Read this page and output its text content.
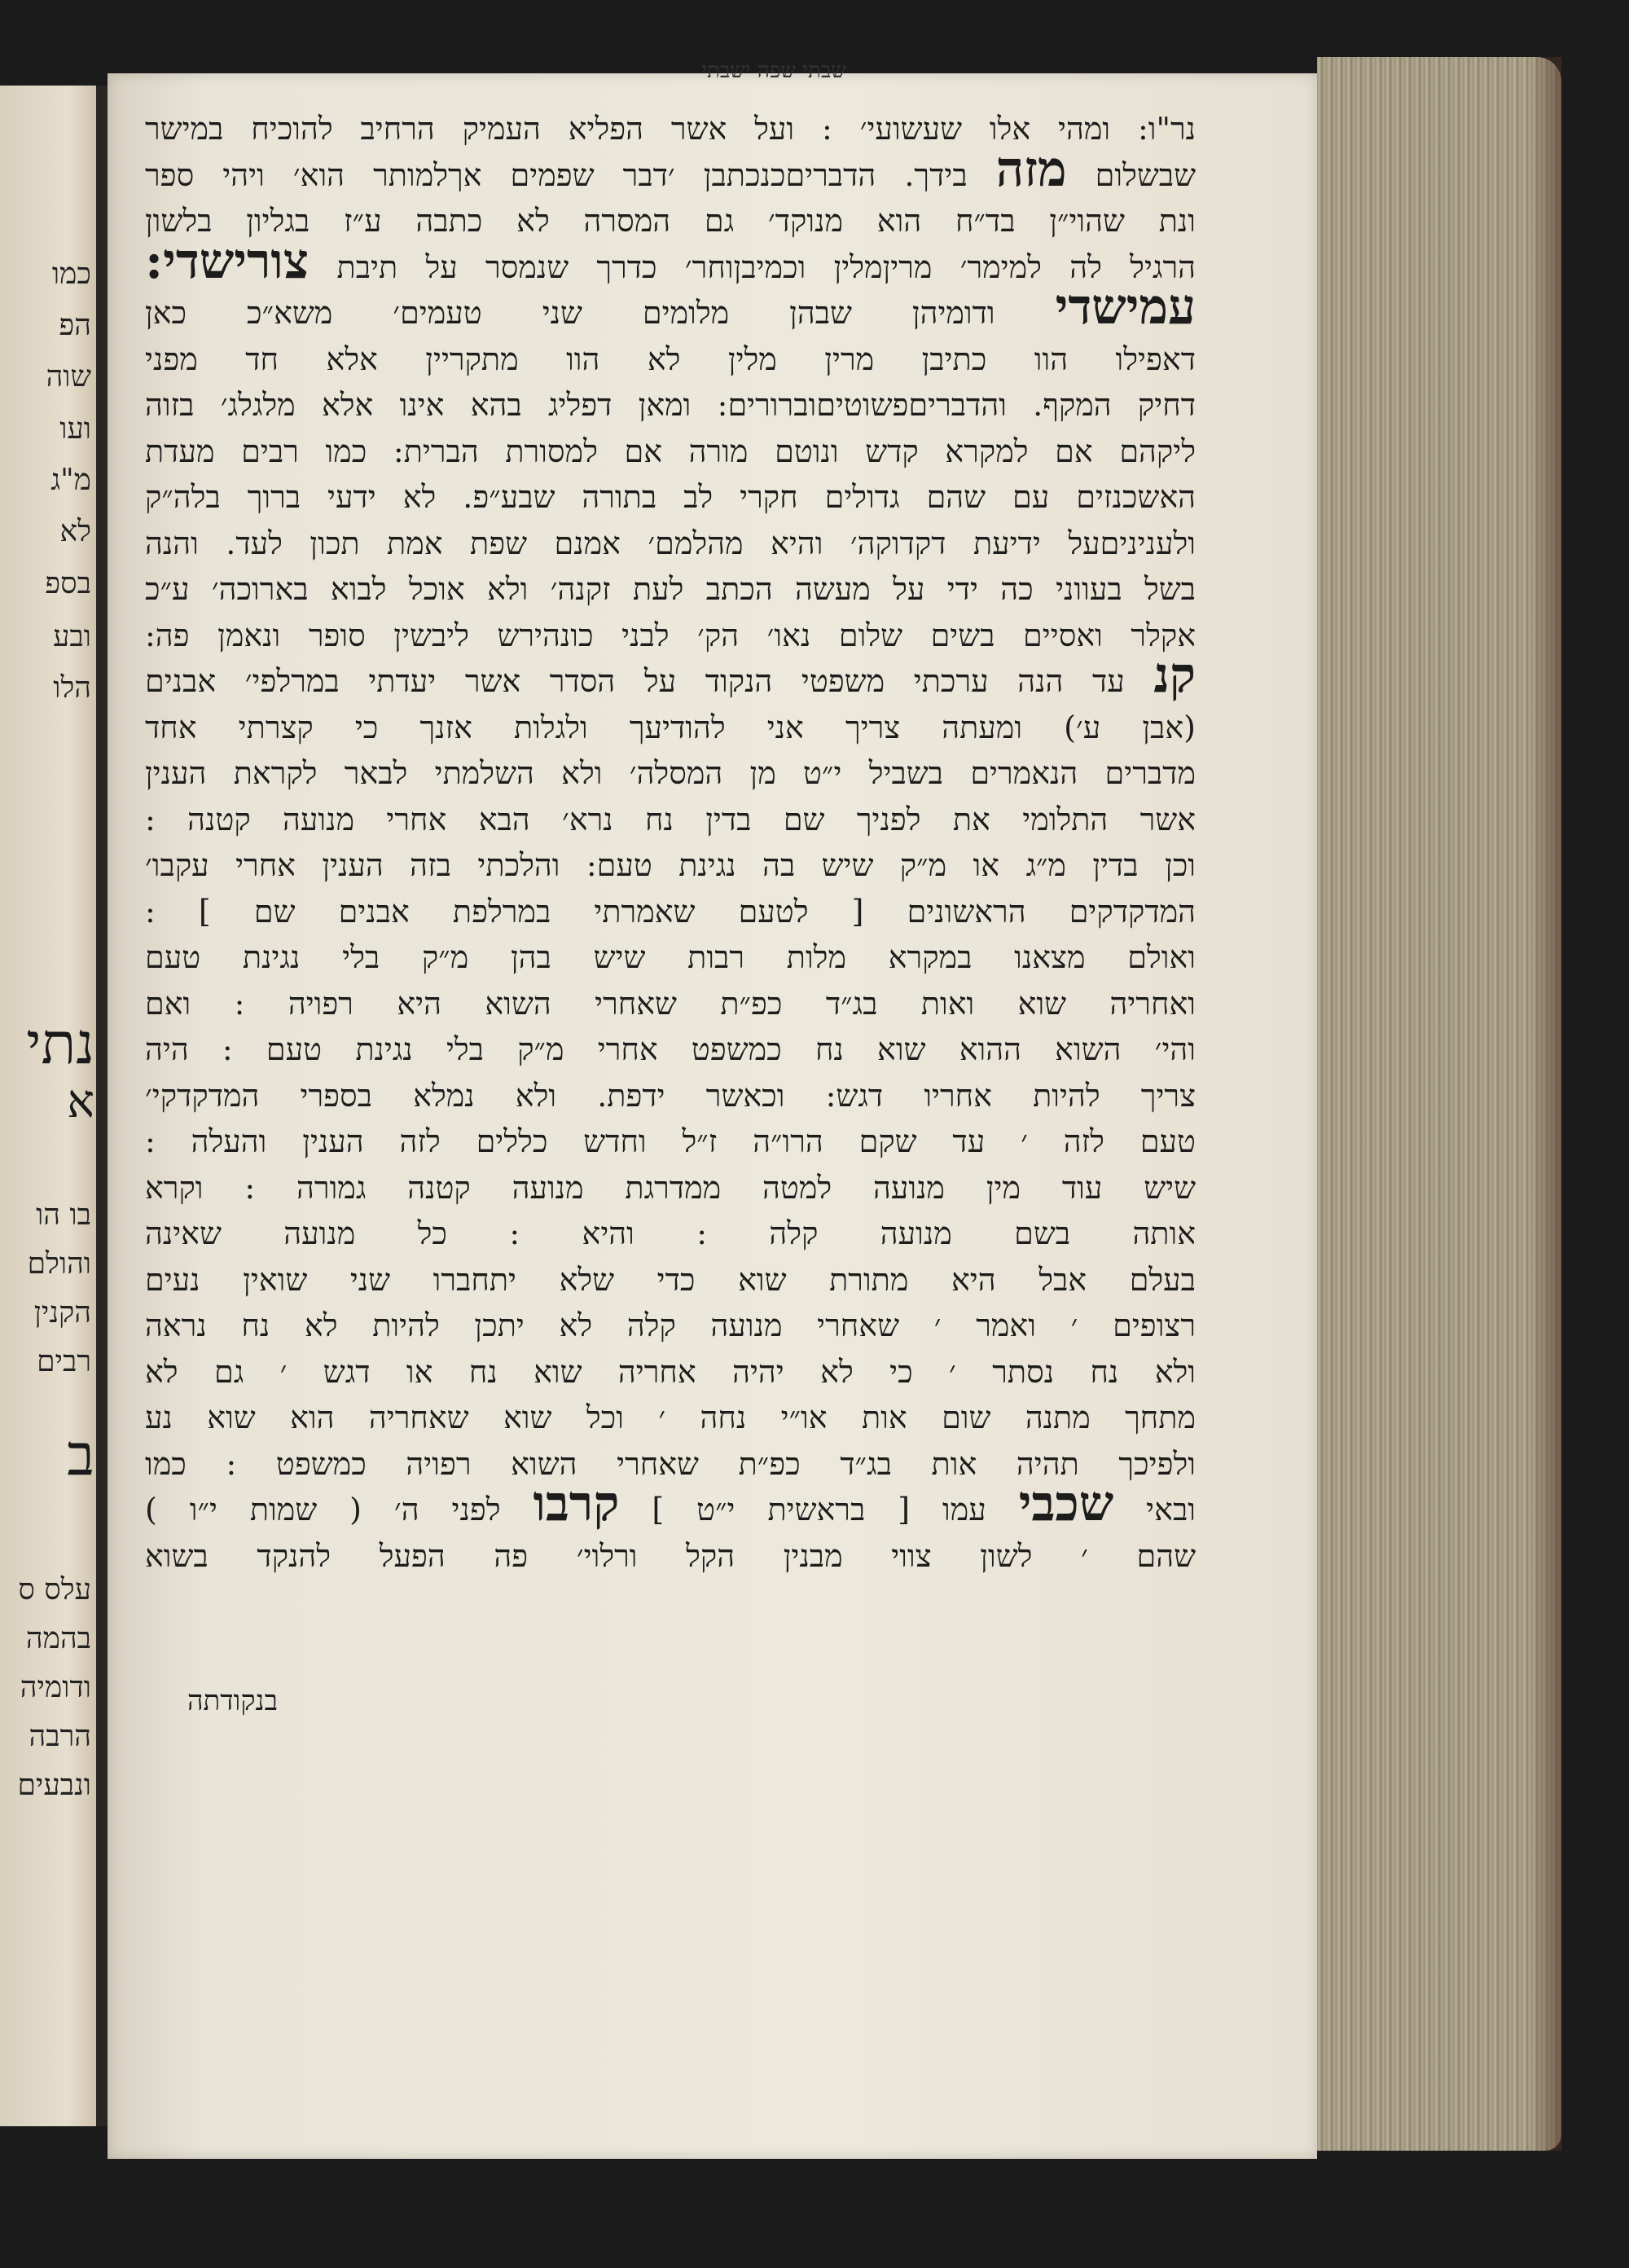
כמו
הפ
שוה
ועו
מ"ג
לא
בספ
ובע
הלו
נתי
א
בו הו
והולם
הקנין
רבים
ב
עלס ס
בהמה
ודומיה
הרבה
ונבעים
שבתי שפה ישבתי
נר"ו: ומהי אלו שעשועי׳ : ועל אשר הפליא העמיק הרחיב להוכיח במישר
שבשלום מזה בידך. הדבריםכנכתבן ׳דבר שפמים אךלמותר הוא׳ ויהי ספר
ונת שהוי״ן בד״ח הוא מנוקד׳ גם המסרה לא כתבה ע״ז בגליון בלשון
הרגיל לה למימר׳ מריןמלין וכמיבןוחר׳ כדרך שנמסר על תיבת צורישדי:
עמישדי ודומיהן שבהן מלומים שני טעמים׳ משא״כ כאן
דאפילו הוו כתיבן מרין מלין לא הוו מתקריין אלא חד מפני
דחיק המקף. והדבריםפשוטיםוברורים: ומאן דפליג בהא אינו אלא מלגלג׳ בזוה
ליקהם אם למקרא קדש ונוטם מורה אם למסורת הברית: כמו רבים מעדת
האשכנזים עם שהם גדולים חקרי לב בתורה שבע״פ. לא ידעי ברוך בלה״ק
ולעניניםעל ידיעת דקדוקה׳ והיא מהלמם׳ אמנם שפת אמת תכון לעד. והנה
בשל בעווני כה ידי על מעשה הכתב לעת זקנה׳ ולא אוכל לבוא בארוכה׳ ע״כ
אקלר ואסיים בשים שלום נאו׳ הק׳ לבני כונהירש ליבשין סופר ונאמן פה:
קנ עד הנה ערכתי משפטי הנקוד על הסדר אשר יעדתי במרלפי׳ אבנים
(אבן ע׳) ומעתה צריך אני להודיעך ולגלות אזנך כי קצרתי אחד
מדברים הנאמרים בשביל י״ט מן המסלה׳ ולא השלמתי לבאר לקראת הענין
אשר התלומי את לפניך שם בדין נח נרא׳ הבא אחרי מנועה קטנה :
וכן בדין מ״ג או מ״ק שיש בה נגינת טעם: והלכתי בזה הענין אחרי עקבו׳
המדקדקים הראשונים [ לטעם שאמרתי במרלפת אבנים שם ] :
ואולם מצאנו במקרא מלות רבות שיש בהן מ״ק בלי נגינת טעם
ואחריה שוא ואות בג״ד כפ״ת שאחרי השוא היא רפויה : ואם
והי׳ השוא ההוא שוא נח כמשפט אחרי מ״ק בלי נגינת טעם : היה
צריך להיות אחריו דגש: וכאשר ידפת. ולא נמלא בספרי המדקדקי׳
טעם לזה ׳ עד שקם הרו״ה ז״ל וחדש כללים לזה הענין והעלה :
שיש עוד מין מנועה למטה ממדרגת מנועה קטנה גמורה : וקרא
אותה בשם מנועה קלה : והיא : כל מנועה שאינה
בעלם אבל היא מתורת שוא כדי שלא יתחברו שני שואין נעים
רצופים ׳ ואמר ׳ שאחרי מנועה קלה לא יתכן להיות לא נח נראה
ולא נח נסתר ׳ כי לא יהיה אחריה שוא נח או דגש ׳ גם לא
מתחך מתנה שום אות או״י נחה ׳ וכל שוא שאחריה הוא שוא נע
ולפיכך תהיה אות בג״ד כפ״ת שאחרי השוא רפויה כמשפט : כמו
ובאי שכבי עמו [ בראשית י״ט ] קרבו לפני ה׳ ( שמות י״ו )
שהם ׳ לשון צווי מבנין הקל ורלוי׳ פה הפעל להנקד בשוא
בנקודתה
